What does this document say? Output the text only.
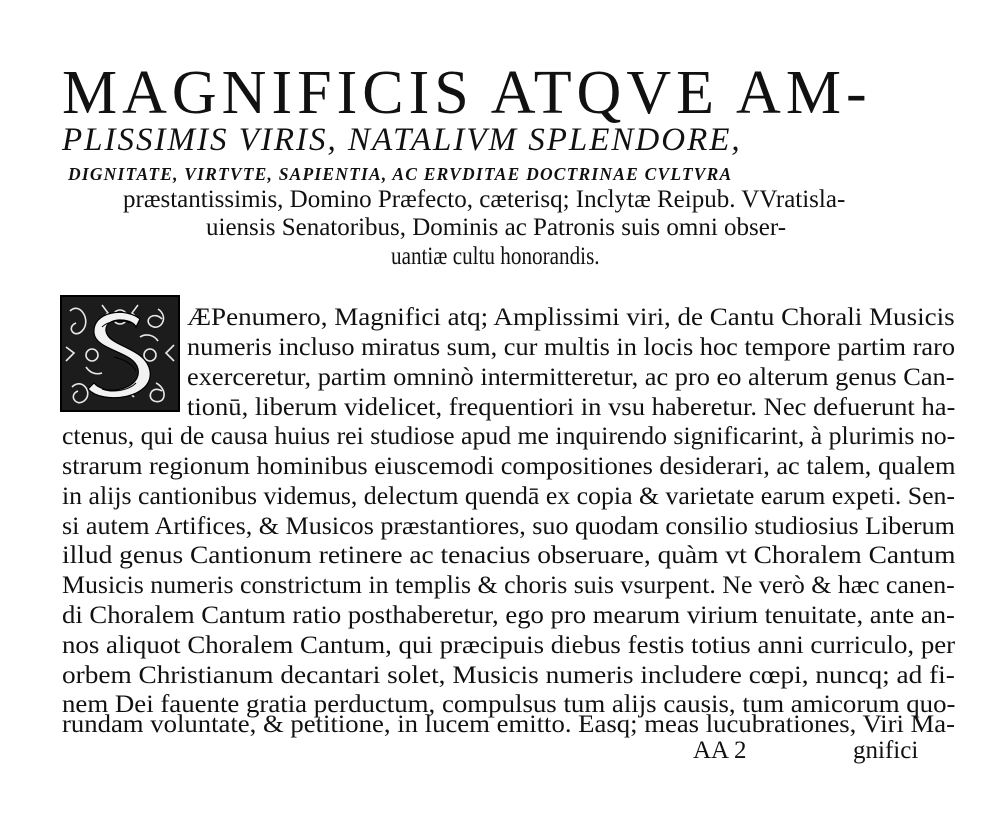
MAGNIFICIS ATQVE AM-
PLISSIMIS VIRIS, NATALIVM SPLENDORE,
DIGNITATE, VIRTVTE, SAPIENTIA, AC ERVDITAE DOCTRINAE CVLTVRA
præstantissimis, Domino Præfecto, cæterisq; Inclytæ Reipub. VVratisla-
uiensis Senatoribus, Dominis ac Patronis suis omni obser-
uantiæ cultu honorandis.
ÆPenumero, Magnifici atq; Amplissimi viri, de Cantu Chorali Musicis
numeris incluso miratus sum, cur multis in locis hoc tempore partim raro
exerceretur, partim omninò intermitteretur, ac pro eo alterum genus Can-
tionū, liberum videlicet, frequentiori in vsu haberetur. Nec defuerunt ha-
ctenus, qui de causa huius rei studiose apud me inquirendo significarint, à plurimis no-
strarum regionum hominibus eiuscemodi compositiones desiderari, ac talem, qualem
in alijs cantionibus videmus, delectum quendā ex copia & varietate earum expeti. Sen-
si autem Artifices, & Musicos præstantiores, suo quodam consilio studiosius Liberum
illud genus Cantionum retinere ac tenacius obseruare, quàm vt Choralem Cantum
Musicis numeris constrictum in templis & choris suis vsurpent. Ne verò & hæc canen-
di Choralem Cantum ratio posthaberetur, ego pro mearum virium tenuitate, ante an-
nos aliquot Choralem Cantum, qui præcipuis diebus festis totius anni curriculo, per
orbem Christianum decantari solet, Musicis numeris includere cœpi, nuncq; ad fi-
nem Dei fauente gratia perductum, compulsus tum alijs causis, tum amicorum quo-
rundam voluntate, & petitione, in lucem emitto. Easq; meas lucubrationes, Viri Ma-
AA 2	gnifici
